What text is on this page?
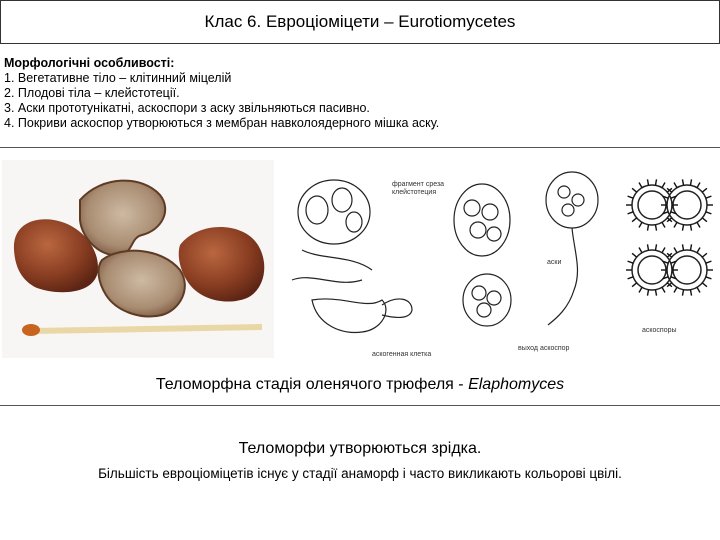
Клас 6. Евроціоміцети – Eurotiomycetes
Морфологічні особливості:
1. Вегетативне тіло – клітинний міцелій
2. Плодові тіла – клейстотеції.
3. Аски прототунікатні, аскоспори з аску звільняються пасивно.
4. Покриви аскоспор утворюються з мембран навколоядерного мішка аску.
фрагмент среза
клейстотеция
аскогенная клетка
аски
выход аскоспор
аскоспоры
Теломорфна стадія оленячого трюфеля - Elaphomyces
Теломорфи утворюються зрідка.
Більшість евроціоміцетів існує у стадії анаморф і часто викликають кольорові цвілі.
